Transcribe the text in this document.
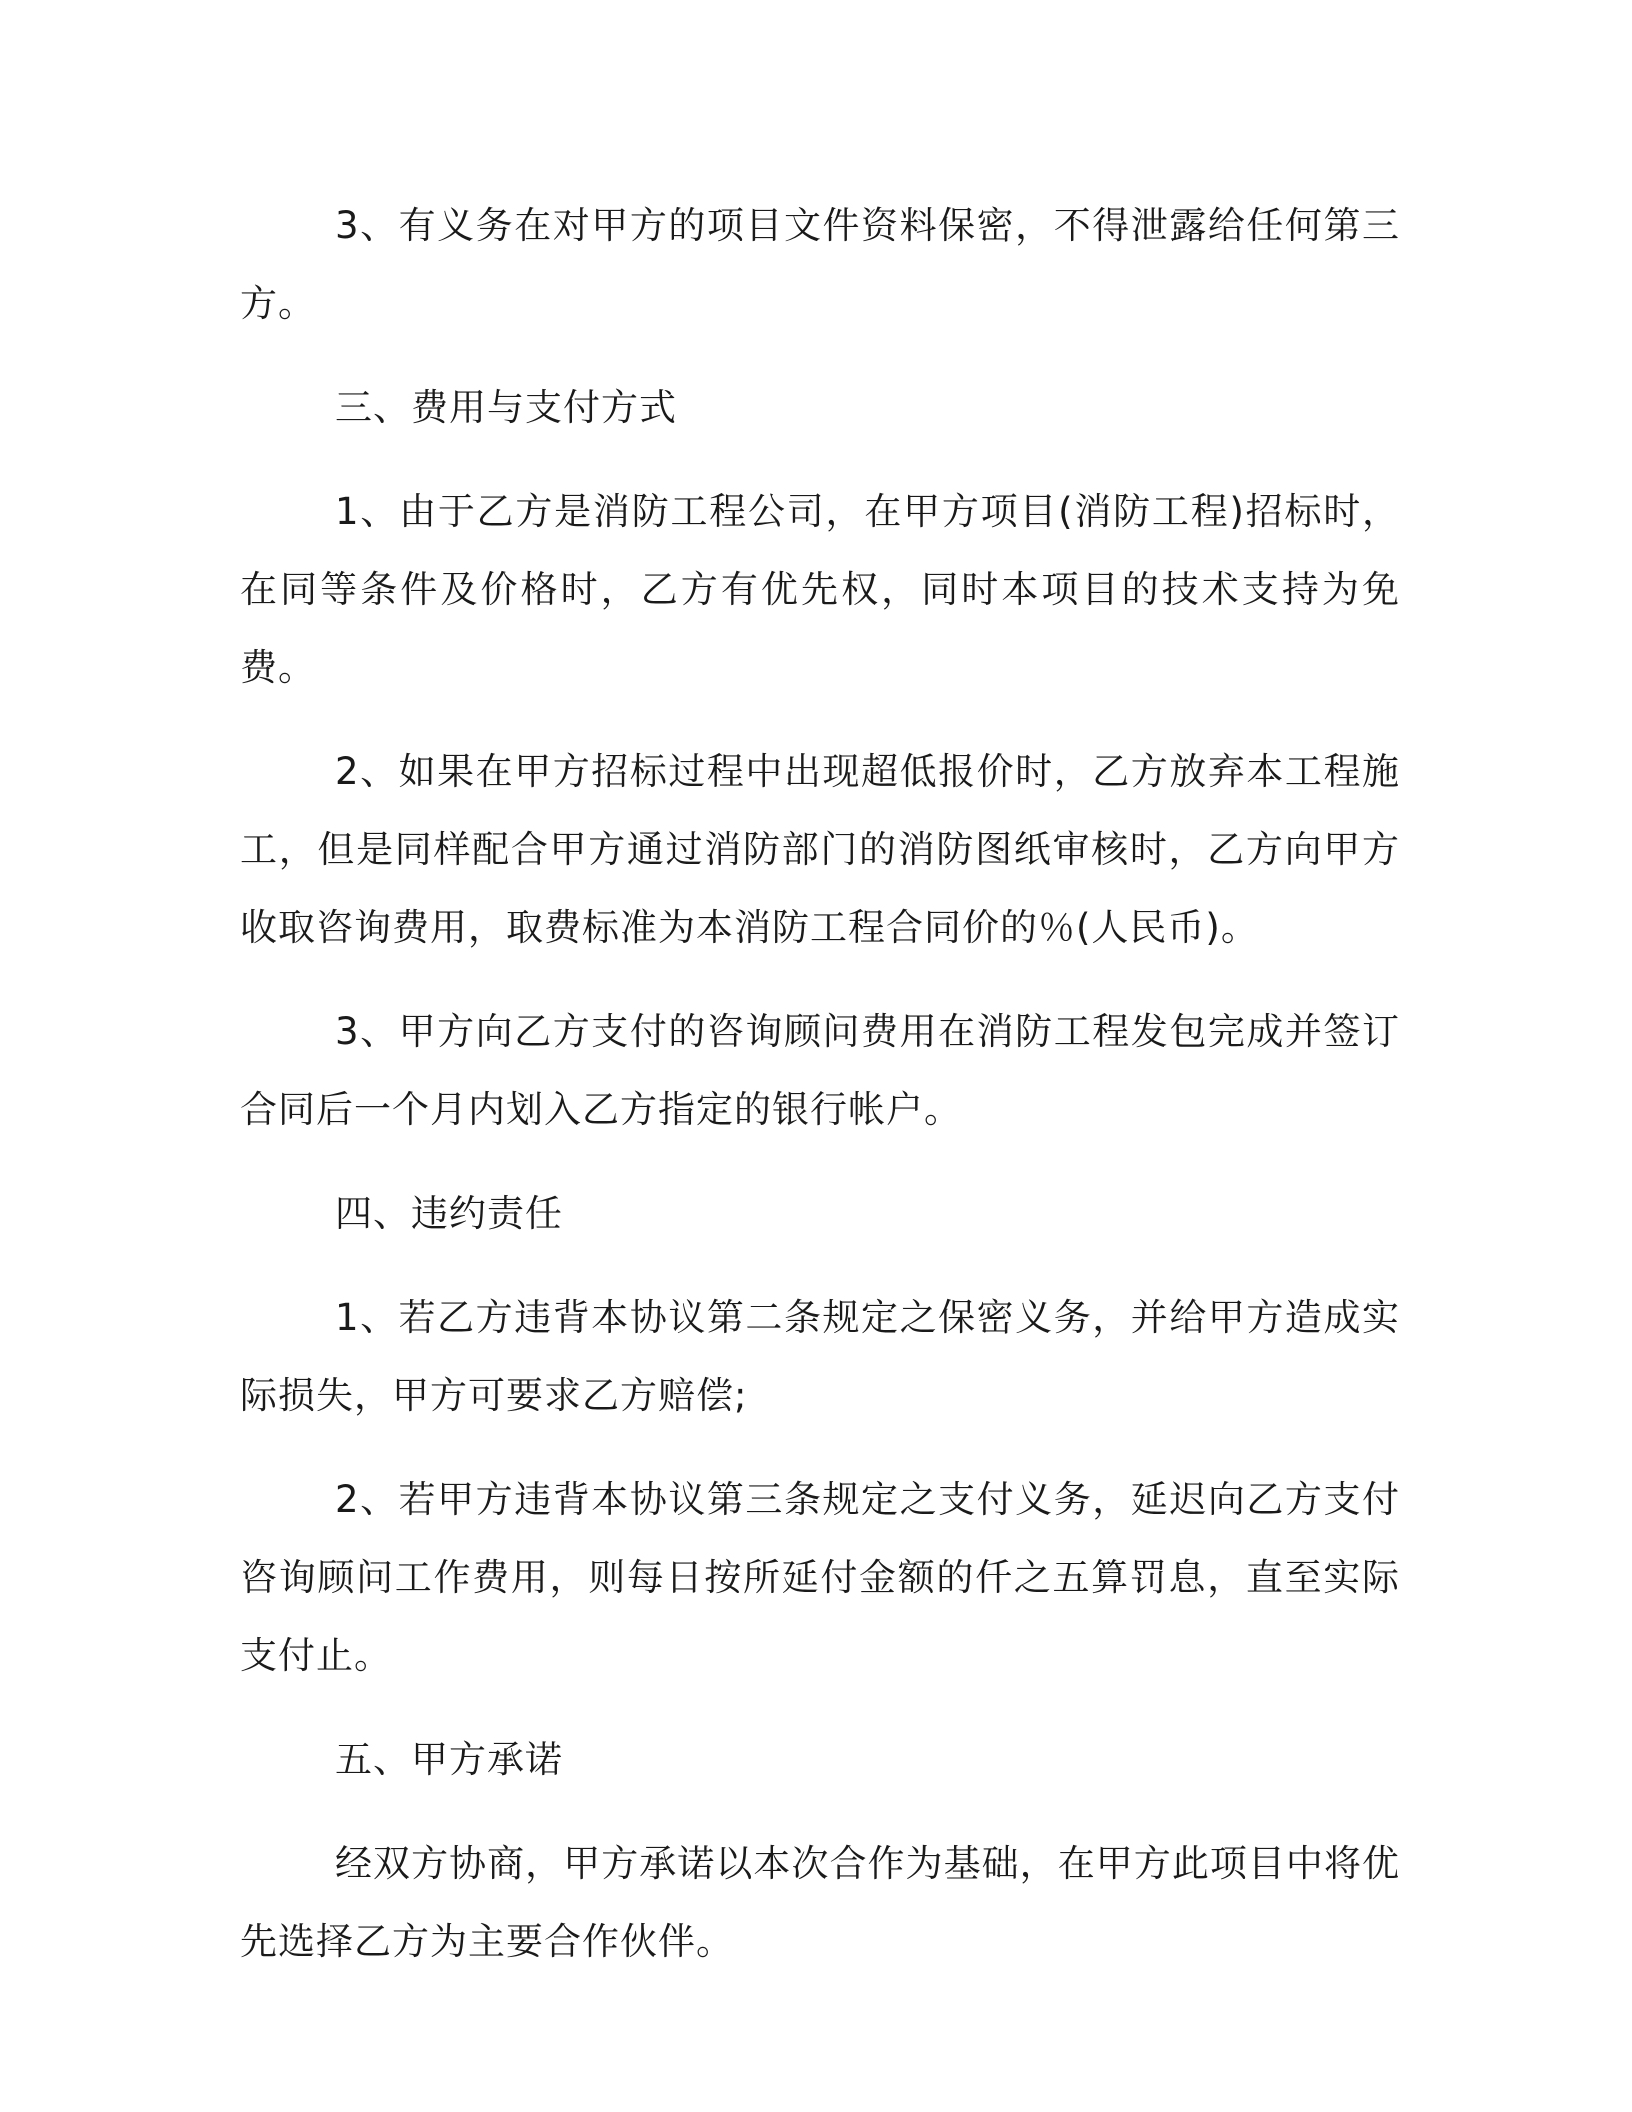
3、有义务在对甲方的项目文件资料保密，不得泄露给任何第三方。

三、费用与支付方式

1、由于乙方是消防工程公司，在甲方项目(消防工程)招标时，在同等条件及价格时，乙方有优先权，同时本项目的技术支持为免费。

2、如果在甲方招标过程中出现超低报价时，乙方放弃本工程施工，但是同样配合甲方通过消防部门的消防图纸审核时，乙方向甲方收取咨询费用，取费标准为本消防工程合同价的％(人民币)。

3、甲方向乙方支付的咨询顾问费用在消防工程发包完成并签订合同后一个月内划入乙方指定的银行帐户。

四、违约责任

1、若乙方违背本协议第二条规定之保密义务，并给甲方造成实际损失，甲方可要求乙方赔偿;

2、若甲方违背本协议第三条规定之支付义务，延迟向乙方支付咨询顾问工作费用，则每日按所延付金额的仟之五算罚息，直至实际支付止。

五、甲方承诺

经双方协商，甲方承诺以本次合作为基础，在甲方此项目中将优先选择乙方为主要合作伙伴。
